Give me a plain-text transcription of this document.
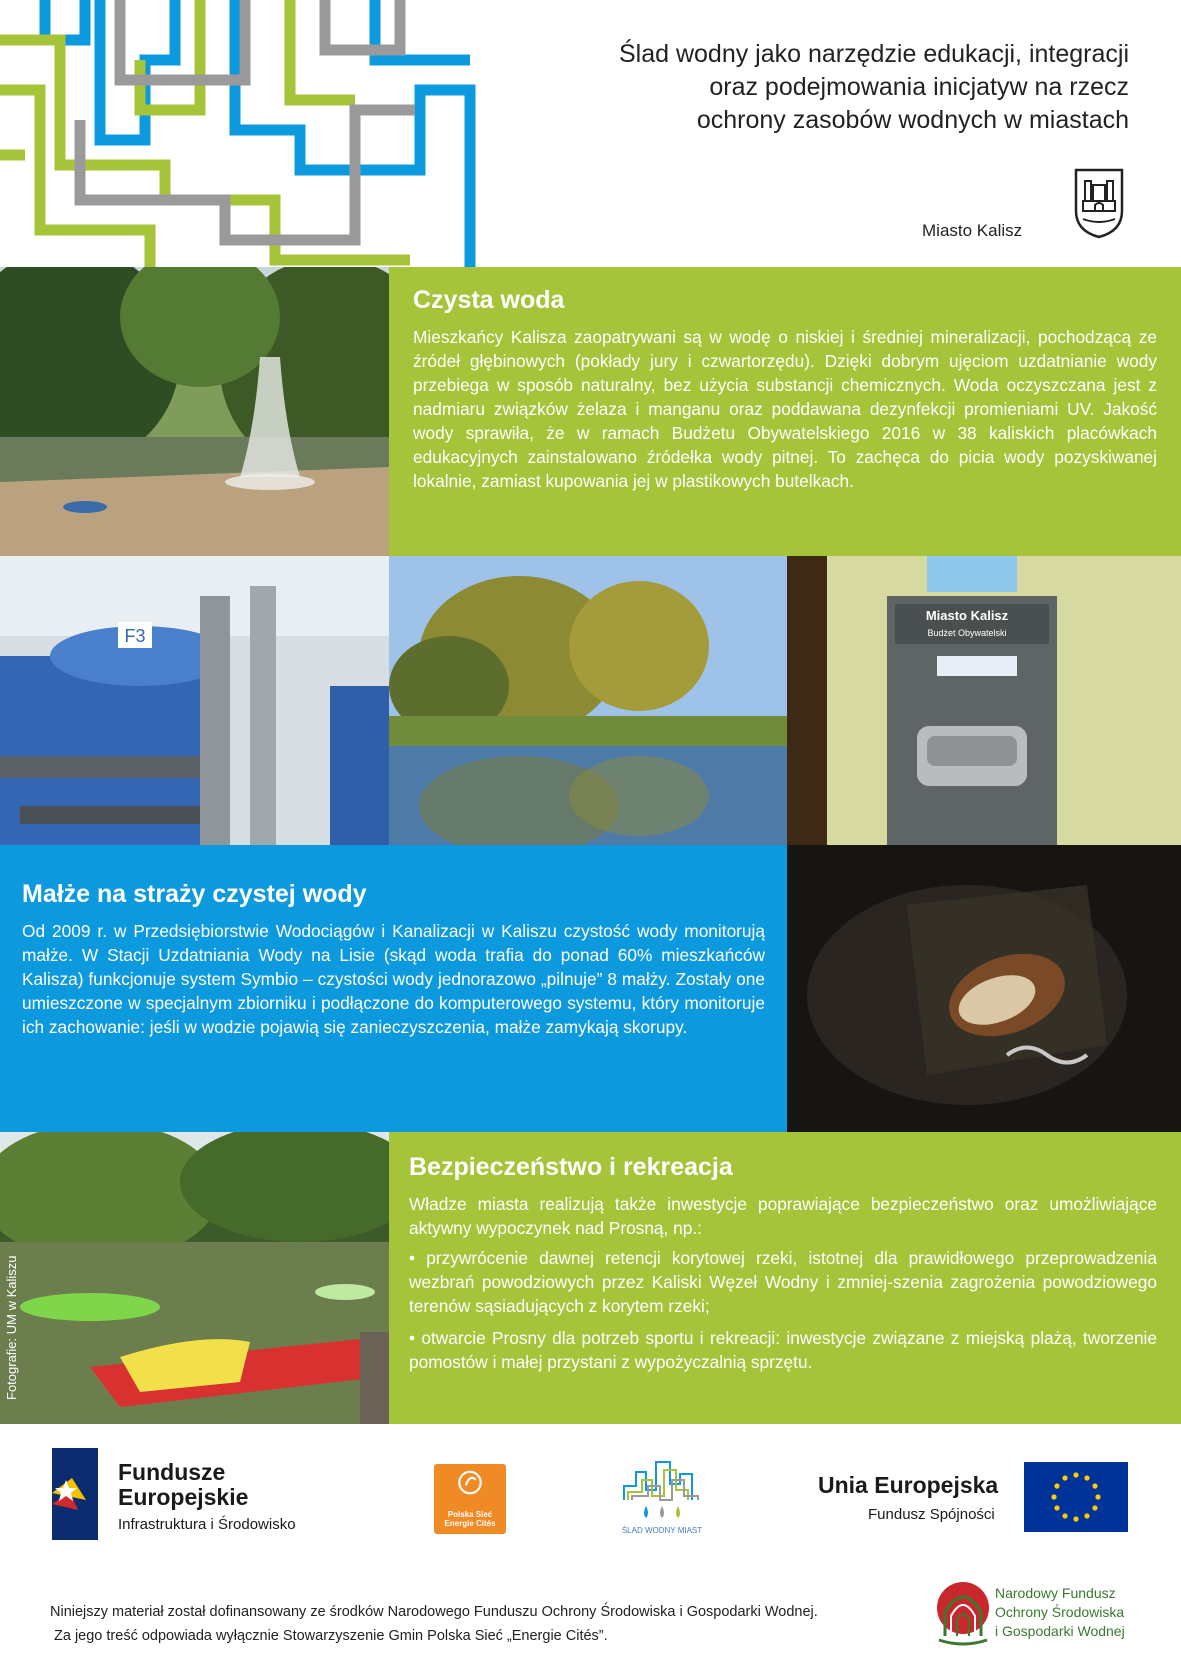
Ślad wodny jako narzędzie edukacji, integracji
oraz podejmowania inicjatyw na rzecz
ochrony zasobów wodnych w miastach
Miasto Kalisz
Czysta woda

Mieszkańcy Kalisza zaopatrywani są w wodę o niskiej i średniej mineralizacji, pochodzącą ze źródeł głębinowych (pokłady jury i czwartorzędu). Dzięki dobrym ujęciom uzdatnianie wody przebiega w sposób naturalny, bez użycia substancji chemicznych. Woda oczyszczana jest z nadmiaru związków żelaza i manganu oraz poddawana dezynfekcji promieniami UV. Jakość wody sprawiła, że w ramach Budżetu Obywatelskiego 2016 w 38 kaliskich placówkach edukacyjnych zainstalowano źródełka wody pitnej. To zachęca do picia wody pozyskiwanej lokalnie, zamiast kupowania jej w plastikowych butelkach.

F3
Miasto Kalisz
Budżet Obywatelski
Małże na straży czystej wody

Od 2009 r. w Przedsiębiorstwie Wodociągów i Kanalizacji w Kaliszu czystość wody monitorują małże. W Stacji Uzdatniania Wody na Lisie (skąd woda trafia do ponad 60% mieszkańców Kalisza) funkcjonuje system Symbio – czystości wody jednorazowo „pilnuje” 8 małży. Zostały one umieszczone w specjalnym zbiorniku i podłączone do komputerowego systemu, który monitoruje ich zachowanie: jeśli w wodzie pojawią się zanieczyszczenia, małże zamykają skorupy.

Fotografie: UM w Kaliszu
Bezpieczeństwo i rekreacja

Władze miasta realizują także inwestycje poprawiające bezpieczeństwo oraz umożliwiające aktywny wypoczynek nad Prosną, np.:

• przywrócenie dawnej retencji korytowej rzeki, istotnej dla prawidłowego przeprowadzenia wezbrań powodziowych przez Kaliski Węzeł Wodny i zmniej-szenia zagrożenia powodziowego terenów sąsiadujących z korytem rzeki;
• otwarcie Prosny dla potrzeb sportu i rekreacji: inwestycje związane z miejską plażą, tworzenie pomostów i małej przystani z wypożyczalnią sprzętu.
Fundusze
Europejskie
Infrastruktura i Środowisko
Polska Sieć
Energie Cités
ŚLAD WODNY MIAST
Unia Europejska
Fundusz Spójności
Niniejszy materiał został dofinansowany ze środków Narodowego Funduszu Ochrony Środowiska i Gospodarki Wodnej.
Za jego treść odpowiada wyłącznie Stowarzyszenie Gmin Polska Sieć „Energie Cités”.
Narodowy Fundusz
Ochrony Środowiska
i Gospodarki Wodnej
